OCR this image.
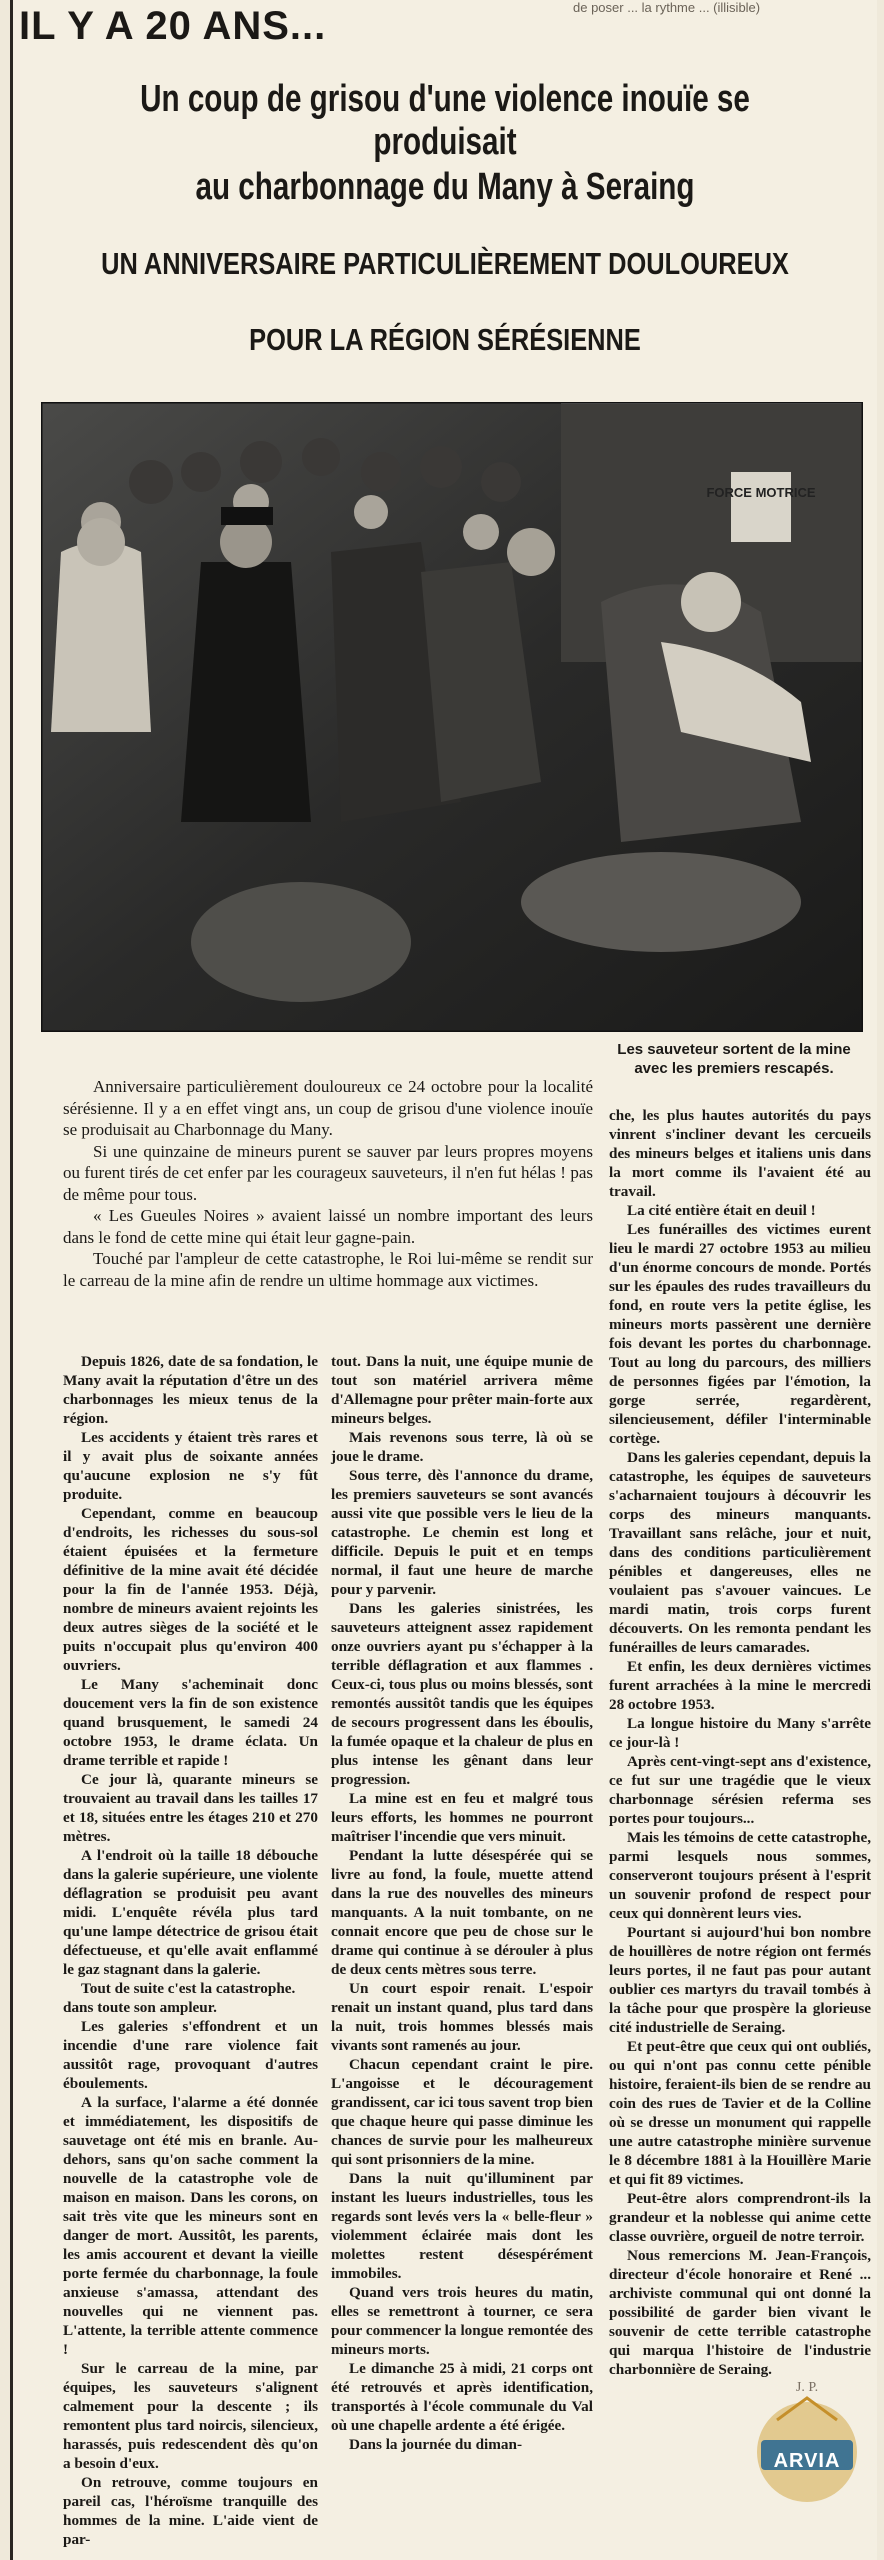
de poser ... la rythme ... (illisible)
IL Y A 20 ANS...
Un coup de grisou d'une violence inouïe se produisait
au charbonnage du Many à Seraing
UN ANNIVERSAIRE PARTICULIÈREMENT DOULOUREUX
POUR LA RÉGION SÉRÉSIENNE
FORCE MOTRICE
Les sauveteur sortent de la mine avec les premiers rescapés.

Anniversaire particulièrement douloureux ce 24 octobre pour la localité sérésienne. Il y a en effet vingt ans, un coup de grisou d'une violence inouïe se produisait au Charbonnage du Many.

Si une quinzaine de mineurs purent se sauver par leurs propres moyens ou furent tirés de cet enfer par les courageux sauveteurs, il n'en fut hélas ! pas de même pour tous.

« Les Gueules Noires » avaient laissé un nombre important des leurs dans le fond de cette mine qui était leur gagne-pain.

Touché par l'ampleur de cette catastrophe, le Roi lui-même se rendit sur le carreau de la mine afin de rendre un ultime hommage aux victimes.

Depuis 1826, date de sa fondation, le Many avait la réputation d'être un des charbonnages les mieux tenus de la région.

Les accidents y étaient très rares et il y avait plus de soixante années qu'aucune explosion ne s'y fût produite.

Cependant, comme en beaucoup d'endroits, les richesses du sous-sol étaient épuisées et la fermeture définitive de la mine avait été décidée pour la fin de l'année 1953. Déjà, nombre de mineurs avaient rejoints les deux autres sièges de la société et le puits n'occupait plus qu'environ 400 ouvriers.

Le Many s'acheminait donc doucement vers la fin de son existence quand brusquement, le samedi 24 octobre 1953, le drame éclata. Un drame terrible et rapide !

Ce jour là, quarante mineurs se trouvaient au travail dans les tailles 17 et 18, situées entre les étages 210 et 270 mètres.

A l'endroit où la taille 18 débouche dans la galerie supérieure, une violente déflagration se produisit peu avant midi. L'enquête révéla plus tard qu'une lampe détectrice de grisou était défectueuse, et qu'elle avait enflammé le gaz stagnant dans la galerie.

Tout de suite c'est la catastrophe.

dans toute son ampleur.

Les galeries s'effondrent et un incendie d'une rare violence fait aussitôt rage, provoquant d'autres éboulements.

A la surface, l'alarme a été donnée et immédiatement, les dispositifs de sauvetage ont été mis en branle. Au-dehors, sans qu'on sache comment la nouvelle de la catastrophe vole de maison en maison. Dans les corons, on sait très vite que les mineurs sont en danger de mort. Aussitôt, les parents, les amis accourent et devant la vieille porte fermée du charbonnage, la foule anxieuse s'amassa, attendant des nouvelles qui ne viennent pas. L'attente, la terrible attente commence !

Sur le carreau de la mine, par équipes, les sauveteurs s'alignent calmement pour la descente ; ils remontent plus tard noircis, silencieux, harassés, puis redescendent dès qu'on a besoin d'eux.

On retrouve, comme toujours en pareil cas, l'héroïsme tranquille des hommes de la mine. L'aide vient de par-

tout. Dans la nuit, une équipe munie de tout son matériel arrivera même d'Allemagne pour prêter main-forte aux mineurs belges.

Mais revenons sous terre, là où se joue le drame.

Sous terre, dès l'annonce du drame, les premiers sauveteurs se sont avancés aussi vite que possible vers le lieu de la catastrophe. Le chemin est long et difficile. Depuis le puit et en temps normal, il faut une heure de marche pour y parvenir.

Dans les galeries sinistrées, les sauveteurs atteignent assez rapidement onze ouvriers ayant pu s'échapper à la terrible déflagration et aux flammes . Ceux-ci, tous plus ou moins blessés, sont remontés aussitôt tandis que les équipes de secours progressent dans les éboulis, la fumée opaque et la chaleur de plus en plus intense les gênant dans leur progression.

La mine est en feu et malgré tous leurs efforts, les hommes ne pourront maîtriser l'incendie que vers minuit.

Pendant la lutte désespérée qui se livre au fond, la foule, muette attend dans la rue des nouvelles des mineurs manquants. A la nuit tombante, on ne connait encore que peu de chose sur le drame qui continue à se dérouler à plus de deux cents mètres sous terre.

Un court espoir renait. L'espoir renait un instant quand, plus tard dans la nuit, trois hommes blessés mais vivants sont ramenés au jour.

Chacun cependant craint le pire. L'angoisse et le découragement grandissent, car ici tous savent trop bien que chaque heure qui passe diminue les chances de survie pour les malheureux qui sont prisonniers de la mine.

Dans la nuit qu'illuminent par instant les lueurs industrielles, tous les regards sont levés vers la « belle-fleur » violemment éclairée mais dont les molettes restent désespérément immobiles.

Quand vers trois heures du matin, elles se remettront à tourner, ce sera pour commencer la longue remontée des mineurs morts.

Le dimanche 25 à midi, 21 corps ont été retrouvés et après identification, transportés à l'école communale du Val où une chapelle ardente a été érigée.

Dans la journée du diman-

che, les plus hautes autorités du pays vinrent s'incliner devant les cercueils des mineurs belges et italiens unis dans la mort comme ils l'avaient été au travail.

La cité entière était en deuil !

Les funérailles des victimes eurent lieu le mardi 27 octobre 1953 au milieu d'un énorme concours de monde. Portés sur les épaules des rudes travailleurs du fond, en route vers la petite église, les mineurs morts passèrent une dernière fois devant les portes du charbonnage. Tout au long du parcours, des milliers de personnes figées par l'émotion, la gorge serrée, regardèrent, silencieusement, défiler l'interminable cortège.

Dans les galeries cependant, depuis la catastrophe, les équipes de sauveteurs s'acharnaient toujours à découvrir les corps des mineurs manquants. Travaillant sans relâche, jour et nuit, dans des conditions particulièrement pénibles et dangereuses, elles ne voulaient pas s'avouer vaincues. Le mardi matin, trois corps furent découverts. On les remonta pendant les funérailles de leurs camarades.

Et enfin, les deux dernières victimes furent arrachées à la mine le mercredi 28 octobre 1953.

La longue histoire du Many s'arrête ce jour-là !

Après cent-vingt-sept ans d'existence, ce fut sur une tragédie que le vieux charbonnage sérésien referma ses portes pour toujours...

Mais les témoins de cette catastrophe, parmi lesquels nous sommes, conserveront toujours présent à l'esprit un souvenir profond de respect pour ceux qui donnèrent leurs vies.

Pourtant si aujourd'hui bon nombre de houillères de notre région ont fermés leurs portes, il ne faut pas pour autant oublier ces martyrs du travail tombés à la tâche pour que prospère la glorieuse cité industrielle de Seraing.

Et peut-être que ceux qui ont oubliés, ou qui n'ont pas connu cette pénible histoire, feraient-ils bien de se rendre au coin des rues de Tavier et de la Colline où se dresse un monument qui rappelle une autre catastrophe minière survenue le 8 décembre 1881 à la Houillère Marie et qui fit 89 victimes.

Peut-être alors comprendront-ils la grandeur et la noblesse qui anime cette classe ouvrière, orgueil de notre terroir.

Nous remercions M. Jean-François, directeur d'école honoraire et René ... archiviste communal qui ont donné la possibilité de garder bien vivant le souvenir de cette terrible catastrophe qui marqua l'histoire de l'industrie charbonnière de Seraing.

J. P.
ARVIA
